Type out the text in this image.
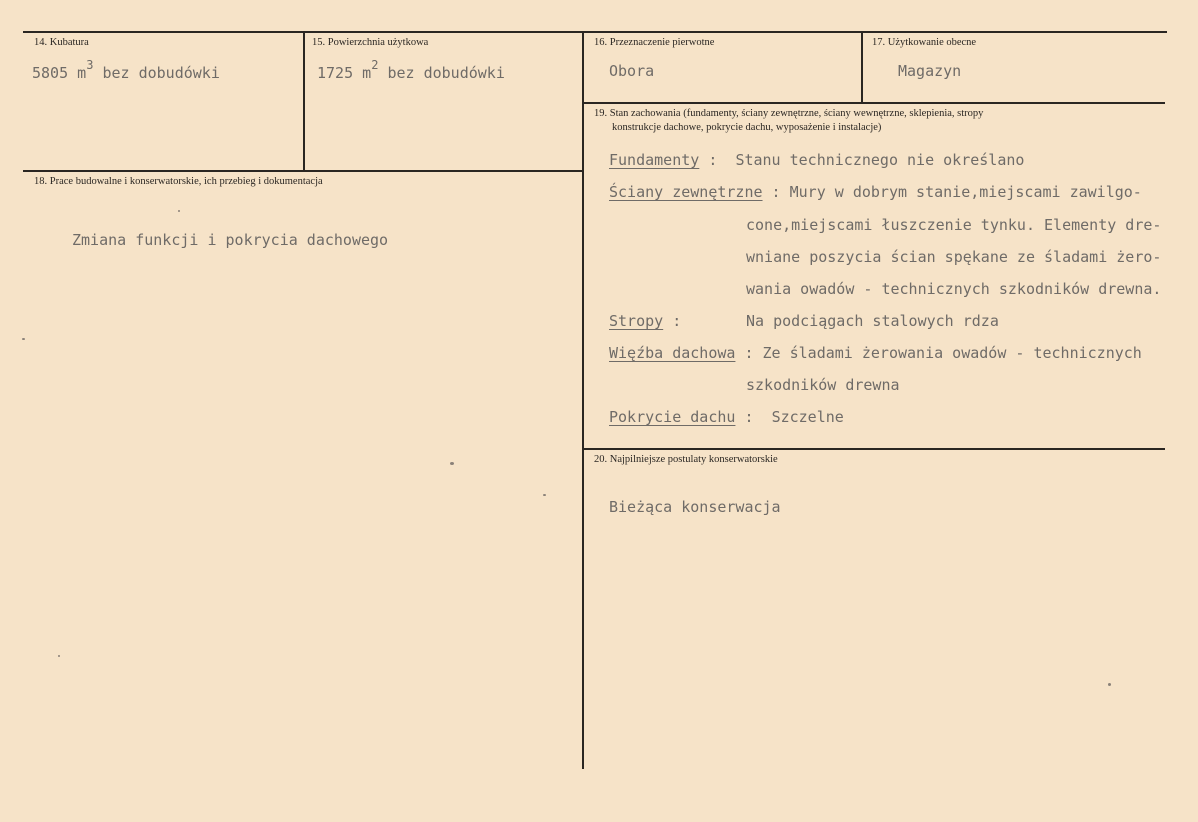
14. Kubatura
5805 $m^3$ bez dobudówki
15. Powierzchnia użytkowa
1725 $m^2$ bez dobudówki
16. Przeznaczenie pierwotne
Obora
17. Użytkowanie obecne
Magazyn
18. Prace budowalne i konserwatorskie, ich przebieg i dokumentacja
Zmiana funkcji i pokrycia dachowego
19. Stan zachowania (fundamenty, ściany zewnętrzne, ściany wewnętrzne, sklepienia, stropy
konstrukcje dachowe, pokrycie dachu, wyposażenie i instalacje)
Fundamenty :  Stanu technicznego nie określano
Ściany zewnętrzne : Mury w dobrym stanie,miejscami zawilgo-
cone,miejscami łuszczenie tynku. Elementy dre-
wniane poszycia ścian spękane ze śladami żero-
wania owadów - technicznych szkodników drewna.
Stropy :	Na podciągach stalowych rdza
Więźba dachowa : Ze śladami żerowania owadów - technicznych
szkodników drewna
Pokrycie dachu :  Szczelne
20. Najpilniejsze postulaty konserwatorskie
Bieżąca konserwacja
